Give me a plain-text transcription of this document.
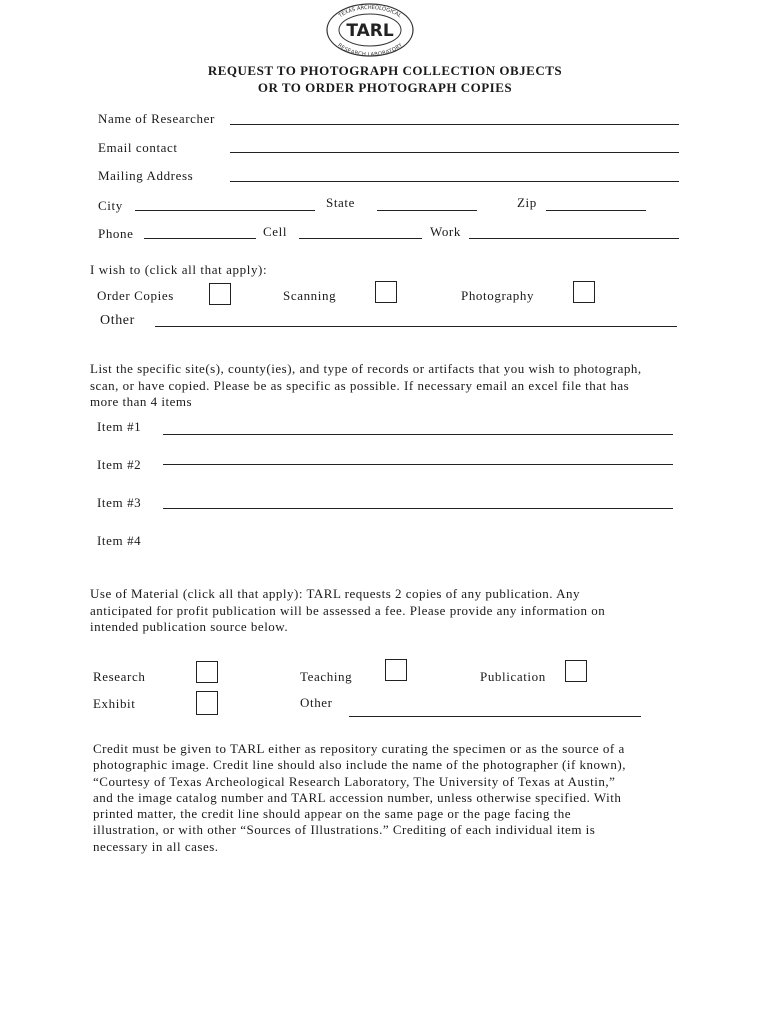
TEXAS ARCHEOLOGICAL
RESEARCH LABORATORY
TARL
REQUEST TO PHOTOGRAPH COLLECTION OBJECTS
OR TO ORDER PHOTOGRAPH COPIES
Name of Researcher
Email contact
Mailing Address
City	State	Zip
Phone	Cell	Work
I wish to (click all that apply):
Order Copies	Scanning	Photography
Other
List the specific site(s), county(ies), and type of records or artifacts that you wish to photograph,
scan, or have copied. Please be as specific as possible. If necessary email an excel file that has
more than 4 items
Item #1
Item #2
Item #3
Item #4
Use of Material (click all that apply): TARL requests 2 copies of any publication. Any
anticipated for profit publication will be assessed a fee. Please provide any information on
intended publication source below.
Research	Teaching	Publication
Exhibit	Other
Credit must be given to TARL either as repository curating the specimen or as the source of a
photographic image. Credit line should also include the name of the photographer (if known),
“Courtesy of Texas Archeological Research Laboratory, The University of Texas at Austin,”
and the image catalog number and TARL accession number, unless otherwise specified. With
printed matter, the credit line should appear on the same page or the page facing the
illustration, or with other “Sources of Illustrations.” Crediting of each individual item is
necessary in all cases.
